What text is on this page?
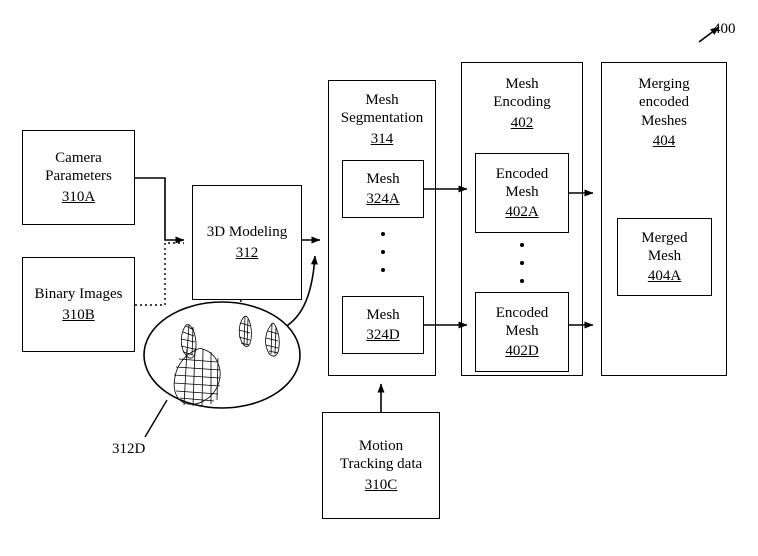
400
Camera
Parameters
310A
Binary Images
310B
3D Modeling
312
Mesh
Segmentation
314
Mesh
324A
Mesh
324D
Mesh
Encoding
402
Encoded
Mesh
402A
Encoded
Mesh
402D
Merging
encoded
Meshes
404
Merged
Mesh
404A
Motion
Tracking data
310C
312D
